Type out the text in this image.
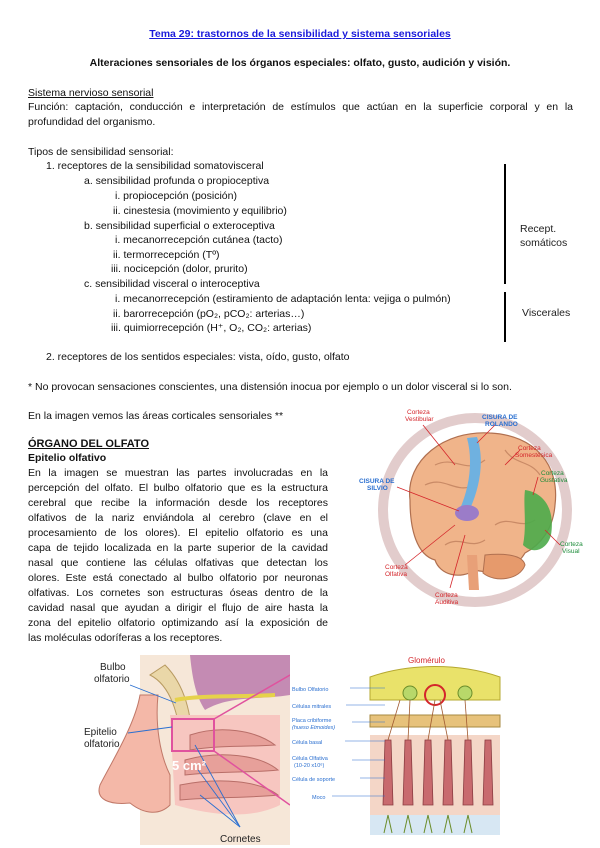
Tema 29: trastornos de la sensibilidad y sistema sensoriales
Alteraciones sensoriales de los órganos especiales: olfato, gusto, audición y visión.
Sistema nervioso sensorial
Función: captación, conducción e interpretación de estímulos que actúan en la superficie corporal y en la
profundidad del organismo.
Tipos de sensibilidad sensorial:
1. receptores de la sensibilidad somatovisceral
a. sensibilidad profunda o propioceptiva
i. propiocepción (posición)
ii. cinestesia (movimiento y equilibrio)
b. sensibilidad superficial o exteroceptiva
i. mecanorrecepción cutánea (tacto)
ii. termorrecepción (Tº)
iii. nocicepción (dolor, prurito)
c. sensibilidad visceral o interoceptiva
i. mecanorrecepción (estiramiento de adaptación lenta: vejiga o pulmón)
ii. barorrecepción (pO₂, pCO₂: arterias…)
iii. quimiorrecepción (H⁺, O₂, CO₂: arterias)
2. receptores de los sentidos especiales: vista, oído, gusto, olfato
Recept.
somáticos
Viscerales
* No provocan sensaciones conscientes, una distensión inocua por ejemplo o un dolor visceral si lo son.
En la imagen vemos las áreas corticales sensoriales **
ÓRGANO DEL OLFATO
Epitelio olfativo
En la imagen se muestran las partes involucradas en la
percepción del olfato. El bulbo olfatorio que es la estructura
cerebral que recibe la información desde los receptores
olfativos de la nariz enviándola al cerebro (clave en el
procesamiento de los olores). El epitelio olfatorio es una
capa de tejido localizada en la parte superior de la cavidad
nasal que contiene las células olfativas que detectan los
olores. Este está conectado al bulbo olfatorio por neuronas
olfativas. Los cornetes son estructuras óseas dentro de la
cavidad nasal que ayudan a dirigir el flujo de aire hasta la
zona del epitelio olfatorio optimizando así la exposición de
las moléculas odoríferas a los receptores.
CISURA DE
ROLANDO
Corteza
Vestibular
Corteza
Somestésica
Corteza
Gustativa
CISURA DE
SILVIO
Corteza
Olfativa
Corteza
Auditiva
Corteza
Visual
Bulbo
olfatorio
Epitelio
olfatorio
5 cm²
Cornetes
Glomérulo
Bulbo Olfatorio
Células mitrales
Placa cribiforme
(hueso Etmoides)
Célula basal
Célula Olfativa
(10-20 x10⁶)
Célula de soporte
Moco
